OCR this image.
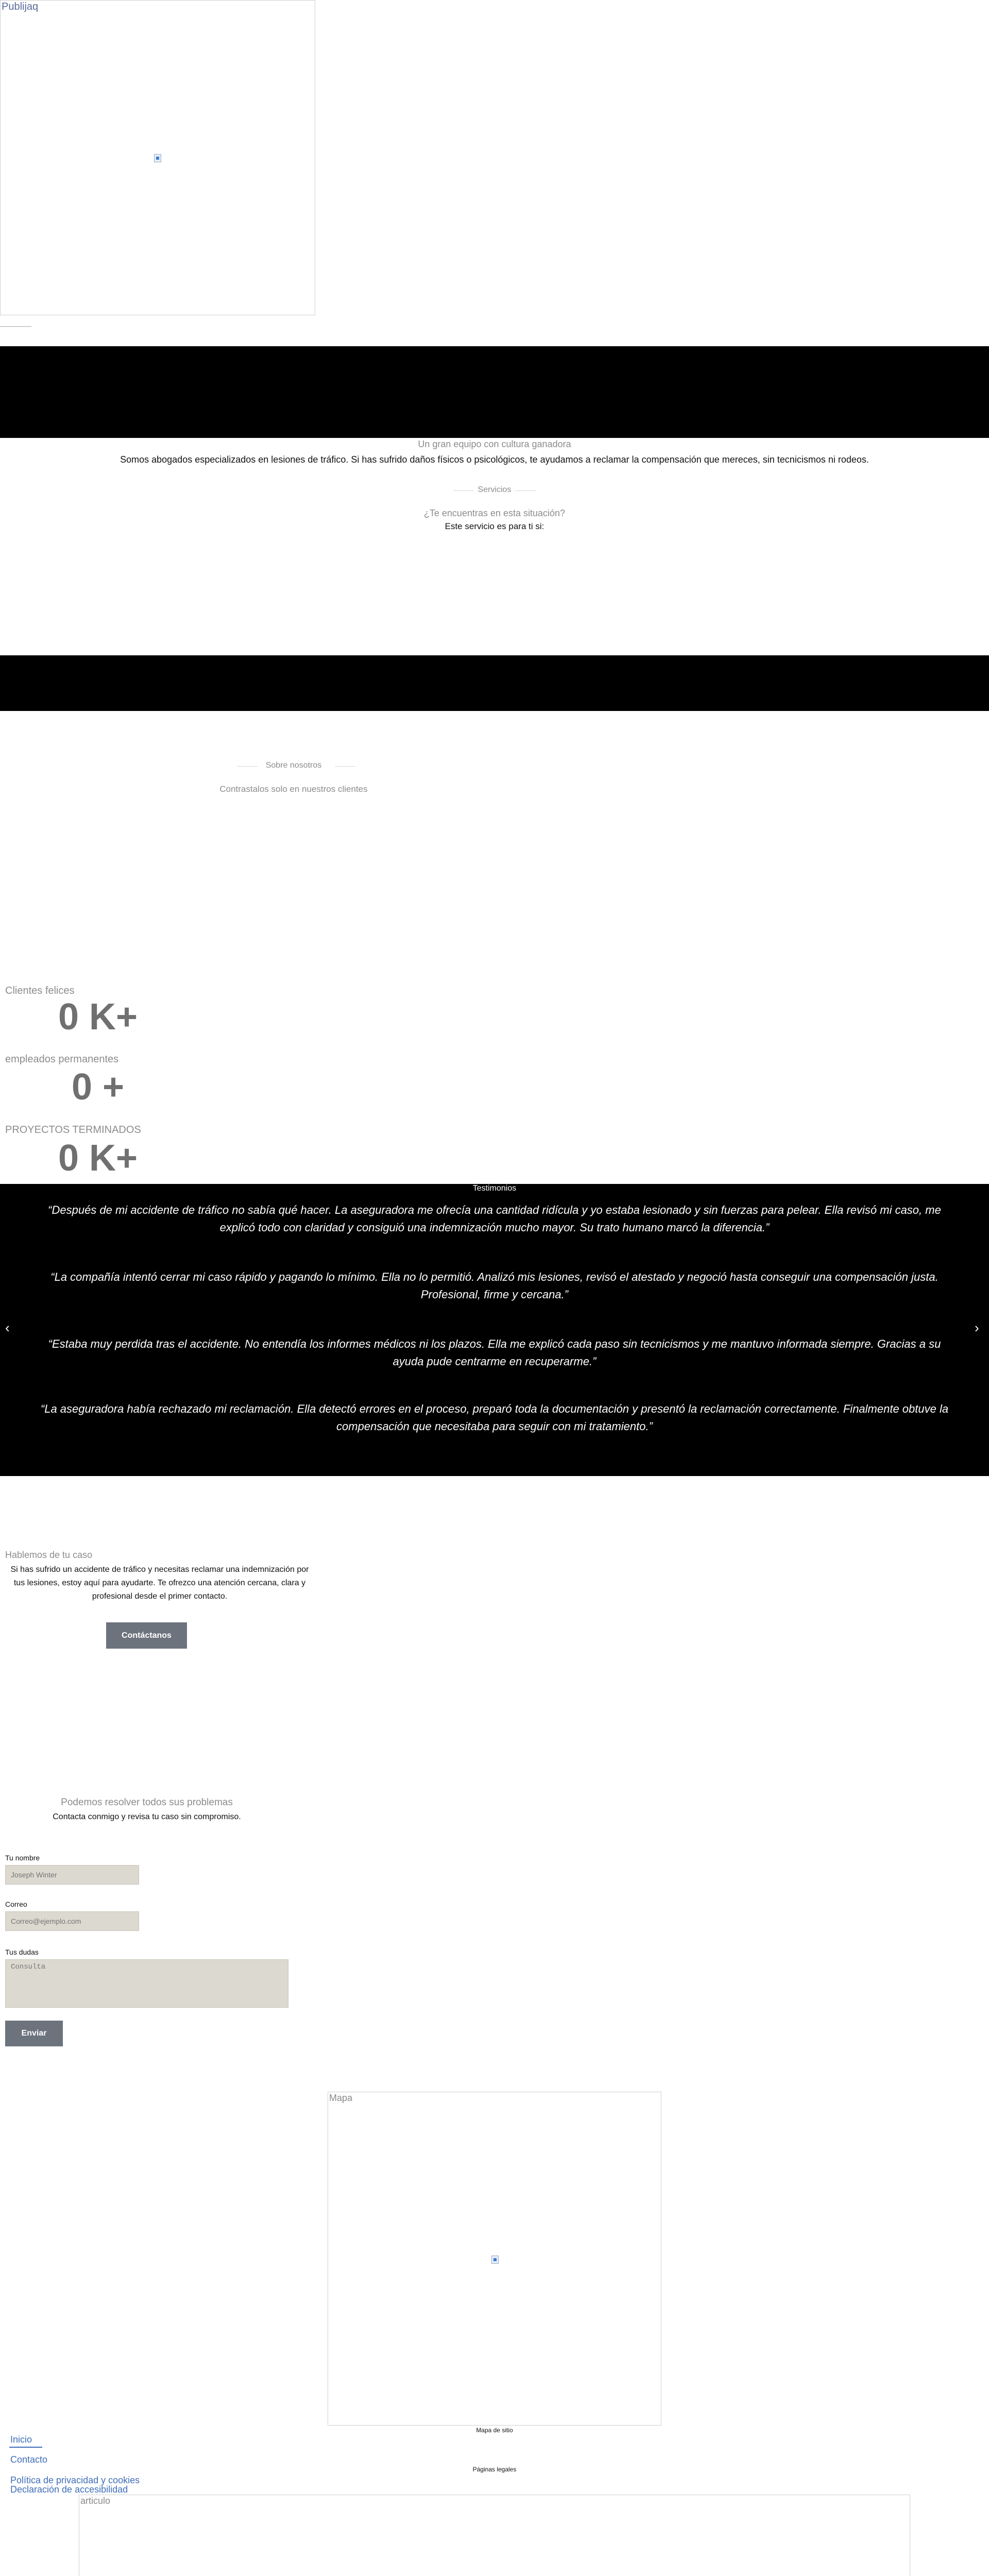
Publijaq
___________
Un gran equipo con cultura ganadora
Somos abogados especializados en lesiones de tráfico. Si has sufrido daños físicos o psicológicos, te ayudamos a reclamar la compensación que mereces, sin tecnicismos ni rodeos.
Servicios
¿Te encuentras en esta situación?
Este servicio es para ti si:
Sobre nosotros
Contrastalos solo en nuestros clientes
Clientes felices
0 K+
empleados permanentes
0 +
PROYECTOS TERMINADOS
0 K+
Testimonios
‹	›
“Después de mi accidente de tráfico no sabía qué hacer. La aseguradora me ofrecía una cantidad ridícula y yo estaba lesionado y sin fuerzas para pelear. Ella revisó mi caso, me explicó todo con claridad y consiguió una indemnización mucho mayor. Su trato humano marcó la diferencia.”
“La compañía intentó cerrar mi caso rápido y pagando lo mínimo. Ella no lo permitió. Analizó mis lesiones, revisó el atestado y negoció hasta conseguir una compensación justa. Profesional, firme y cercana.”
“Estaba muy perdida tras el accidente. No entendía los informes médicos ni los plazos. Ella me explicó cada paso sin tecnicismos y me mantuvo informada siempre. Gracias a su ayuda pude centrarme en recuperarme.”
“La aseguradora había rechazado mi reclamación. Ella detectó errores en el proceso, preparó toda la documentación y presentó la reclamación correctamente. Finalmente obtuve la compensación que necesitaba para seguir con mi tratamiento.”
Hablemos de tu caso
Si has sufrido un accidente de tráfico y necesitas reclamar una indemnización por tus lesiones, estoy aquí para ayudarte. Te ofrezco una atención cercana, clara y profesional desde el primer contacto.
Contáctanos
Podemos resolver todos sus problemas
Contacta conmigo y revisa tu caso sin compromiso.
Tu nombre
Joseph Winter
Correo
Correo@ejemplo.com
Tus dudas
Consulta
Enviar
Mapa
Mapa de sitio
Páginas legales
Inicio
Contacto
Política de privacidad y cookies
Declaración de accesibilidad
articulo
